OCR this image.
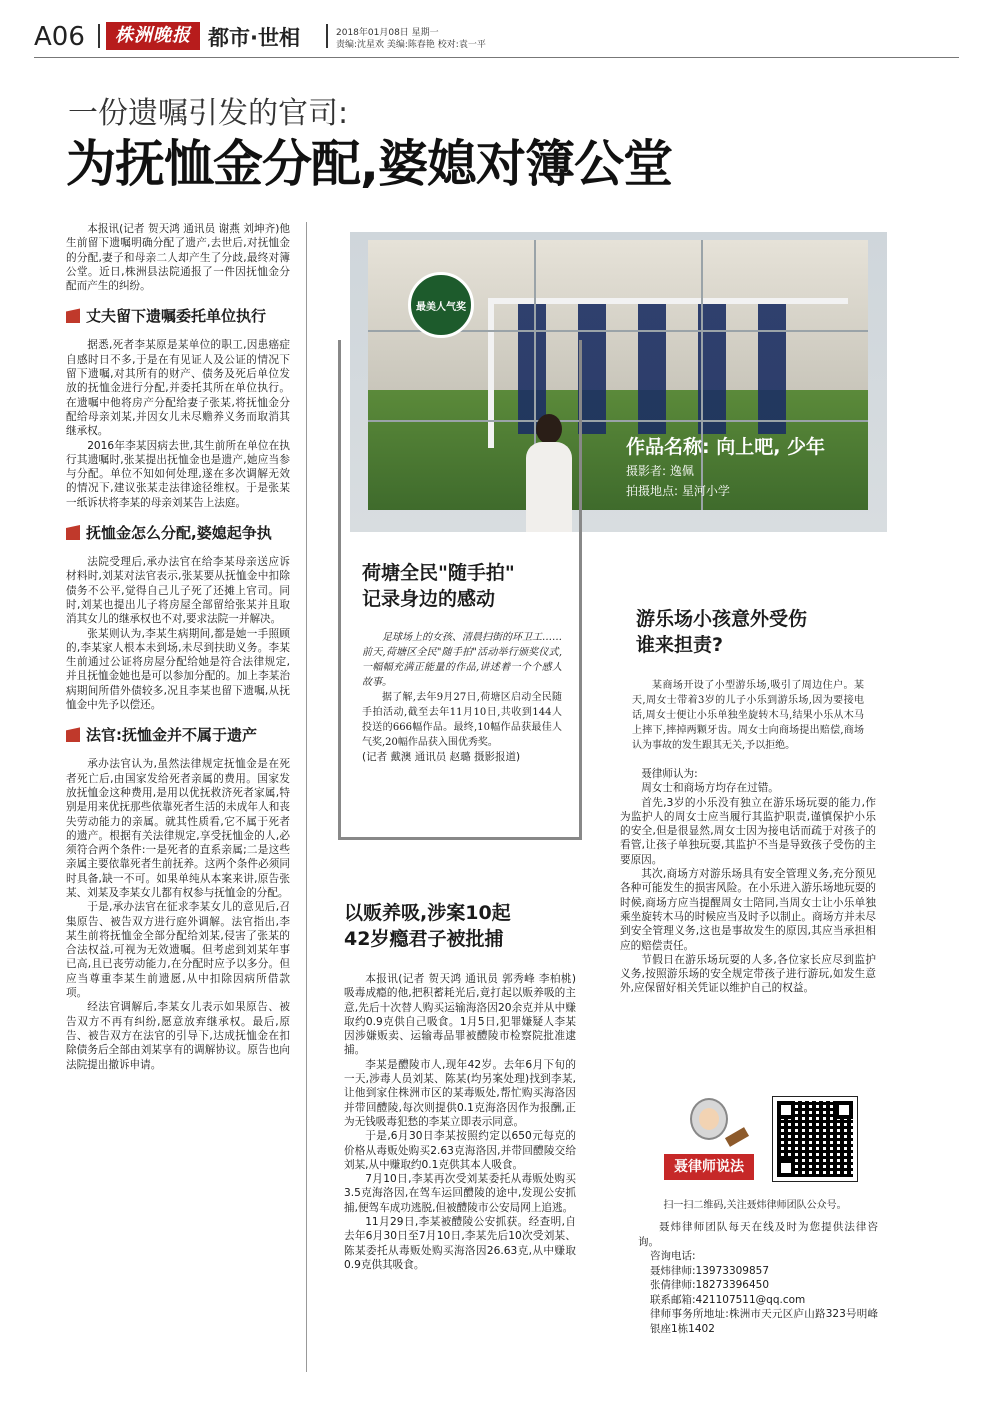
A06	株洲晚报 都市·世相	2018年01月08日 星期一
责编:沈星欢 美编:陈春艳 校对:袁一平
一份遗嘱引发的官司:
为抚恤金分配,婆媳对簿公堂

本报讯(记者 贺天鸿 通讯员 谢燕 刘坤齐)他生前留下遗嘱明确分配了遗产,去世后,对抚恤金的分配,妻子和母亲二人却产生了分歧,最终对簿公堂。近日,株洲县法院通报了一件因抚恤金分配而产生的纠纷。

丈夫留下遗嘱委托单位执行

据悉,死者李某原是某单位的职工,因患癌症自感时日不多,于是在有见证人及公证的情况下留下遗嘱,对其所有的财产、债务及死后单位发放的抚恤金进行分配,并委托其所在单位执行。在遗嘱中他将房产分配给妻子张某,将抚恤金分配给母亲刘某,并因女儿未尽赡养义务而取消其继承权。

2016年李某因病去世,其生前所在单位在执行其遗嘱时,张某提出抚恤金也是遗产,她应当参与分配。单位不知如何处理,遂在多次调解无效的情况下,建议张某走法律途径维权。于是张某一纸诉状将李某的母亲刘某告上法庭。

抚恤金怎么分配,婆媳起争执

法院受理后,承办法官在给李某母亲送应诉材料时,刘某对法官表示,张某要从抚恤金中扣除债务不公平,觉得自己儿子死了还摊上官司。同时,刘某也提出儿子将房屋全部留给张某并且取消其女儿的继承权也不对,要求法院一并解决。

张某则认为,李某生病期间,都是她一手照顾的,李某家人根本未到场,未尽到扶助义务。李某生前通过公证将房屋分配给她是符合法律规定,并且抚恤金她也是可以参加分配的。加上李某治病期间所借外债较多,况且李某也留下遗嘱,从抚恤金中先予以偿还。

法官:抚恤金并不属于遗产

承办法官认为,虽然法律规定抚恤金是在死者死亡后,由国家发给死者亲属的费用。国家发放抚恤金这种费用,是用以优抚救济死者家属,特别是用来优抚那些依靠死者生活的未成年人和丧失劳动能力的亲属。就其性质看,它不属于死者的遗产。根据有关法律规定,享受抚恤金的人,必须符合两个条件:一是死者的直系亲属;二是这些亲属主要依靠死者生前抚养。这两个条件必须同时具备,缺一不可。如果单纯从本案来讲,原告张某、刘某及李某女儿都有权参与抚恤金的分配。

于是,承办法官在征求李某女儿的意见后,召集原告、被告双方进行庭外调解。法官指出,李某生前将抚恤金全部分配给刘某,侵害了张某的合法权益,可视为无效遗嘱。但考虑到刘某年事已高,且已丧劳动能力,在分配时应予以多分。但应当尊重李某生前遗愿,从中扣除因病所借款项。

经法官调解后,李某女儿表示如果原告、被告双方不再有纠纷,愿意放弃继承权。最后,原告、被告双方在法官的引导下,达成抚恤金在扣除债务后全部由刘某享有的调解协议。原告也向法院提出撤诉申请。

最美人气奖
作品名称: 向上吧, 少年
摄影者: 逸佩
拍摄地点: 星河小学
荷塘全民"随手拍"
记录身边的感动

足球场上的女孩、清晨扫街的环卫工……前天,荷塘区全民"随手拍"活动举行颁奖仪式,一幅幅充满正能量的作品,讲述着一个个感人故事。

据了解,去年9月27日,荷塘区启动全民随手拍活动,截至去年11月10日,共收到144人投送的666幅作品。最终,10幅作品获最佳人气奖,20幅作品获入围优秀奖。

(记者 戴澳 通讯员 赵璐 摄影报道)
以贩养吸,涉案10起
42岁瘾君子被批捕

本报讯(记者 贺天鸿 通讯员 郭秀峰 李柏桃)吸毒成瘾的他,把积蓄耗光后,竟打起以贩养吸的主意,先后十次替人购买运输海洛因20余克并从中赚取约0.9克供自己吸食。1月5日,犯罪嫌疑人李某因涉嫌贩卖、运输毒品罪被醴陵市检察院批准逮捕。

李某是醴陵市人,现年42岁。去年6月下旬的一天,涉毒人员刘某、陈某(均另案处理)找到李某,让他到家住株洲市区的某毒贩处,帮忙购买海洛因并带回醴陵,每次则提供0.1克海洛因作为报酬,正为无钱吸毒犯愁的李某立即表示同意。

于是,6月30日李某按照约定以650元每克的价格从毒贩处购买2.63克海洛因,并带回醴陵交给刘某,从中赚取约0.1克供其本人吸食。

7月10日,李某再次受刘某委托从毒贩处购买3.5克海洛因,在驾车运回醴陵的途中,发现公安抓捕,便驾车成功逃脱,但被醴陵市公安局网上追逃。

11月29日,李某被醴陵公安抓获。经查明,自去年6月30日至7月10日,李某先后10次受刘某、陈某委托从毒贩处购买海洛因26.63克,从中赚取0.9克供其吸食。

游乐场小孩意外受伤
谁来担责?

某商场开设了小型游乐场,吸引了周边住户。某天,周女士带着3岁的儿子小乐到游乐场,因为要接电话,周女士便让小乐单独坐旋转木马,结果小乐从木马上摔下,摔掉两颗牙齿。周女士向商场提出赔偿,商场认为事故的发生跟其无关,予以拒绝。

聂律师认为:

周女士和商场方均存在过错。

首先,3岁的小乐没有独立在游乐场玩耍的能力,作为监护人的周女士应当履行其监护职责,谨慎保护小乐的安全,但是很显然,周女士因为接电话而疏于对孩子的看管,让孩子单独玩耍,其监护不当是导致孩子受伤的主要原因。

其次,商场方对游乐场具有安全管理义务,充分预见各种可能发生的损害风险。在小乐进入游乐场地玩耍的时候,商场方应当提醒周女士陪同,当周女士让小乐单独乘坐旋转木马的时候应当及时予以制止。商场方并未尽到安全管理义务,这也是事故发生的原因,其应当承担相应的赔偿责任。

节假日在游乐场玩耍的人多,各位家长应尽到监护义务,按照游乐场的安全规定带孩子进行游玩,如发生意外,应保留好相关凭证以维护自己的权益。

聂律师说法
扫一扫二维码,关注聂炜律师团队公众号。

聂炜律师团队每天在线及时为您提供法律咨询。

咨询电话:
聂炜律师:13973309857
张倩律师:18273396450
联系邮箱:421107511@qq.com
律师事务所地址:株洲市天元区庐山路323号明峰银座1栋1402
